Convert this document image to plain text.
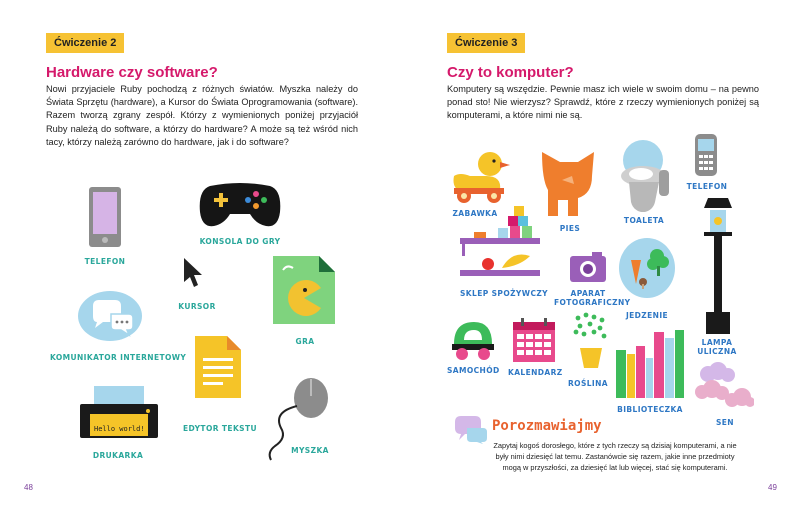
Ćwiczenie 2
Hardware czy software?
Nowi przyjaciele Ruby pochodzą z różnych światów. Myszka należy do Świata Sprzętu (hardware), a Kursor do Świata Oprogramowania (software). Razem tworzą zgrany zespół. Którzy z wymienionych poniżej przyjaciół Ruby należą do software, a którzy do hardware? A może są też wśród nich tacy, którzy należą zarówno do hardware, jak i do software?
TELEFON
KONSOLA DO GRY
KURSOR
GRA
KOMUNIKATOR INTERNETOWY
EDYTOR TEKSTU
Hello world!
DRUKARKA
MYSZKA
48
Ćwiczenie 3
Czy to komputer?
Komputery są wszędzie. Pewnie masz ich wiele w swoim domu – na pewno ponad sto! Nie wierzysz? Sprawdź, które z rzeczy wymienionych poniżej są komputerami, a które nimi nie są.
ZABAWKA
PIES
TOALETA
TELEFON
SKLEP SPOŻYWCZY	APARAT
FOTOGRAFICZNY
JEDZENIE
LAMPA
ULICZNA
SAMOCHÓD KALENDARZ
ROŚLINA
BIBLIOTECZKA
SEN
Porozmawiajmy
Zapytaj kogoś dorosłego, które z tych rzeczy są dzisiaj komputerami, a nie były nimi dziesięć lat temu. Zastanówcie się razem, jakie inne przedmioty mogą w przyszłości, za dziesięć lat lub więcej, stać się komputerami.
49
